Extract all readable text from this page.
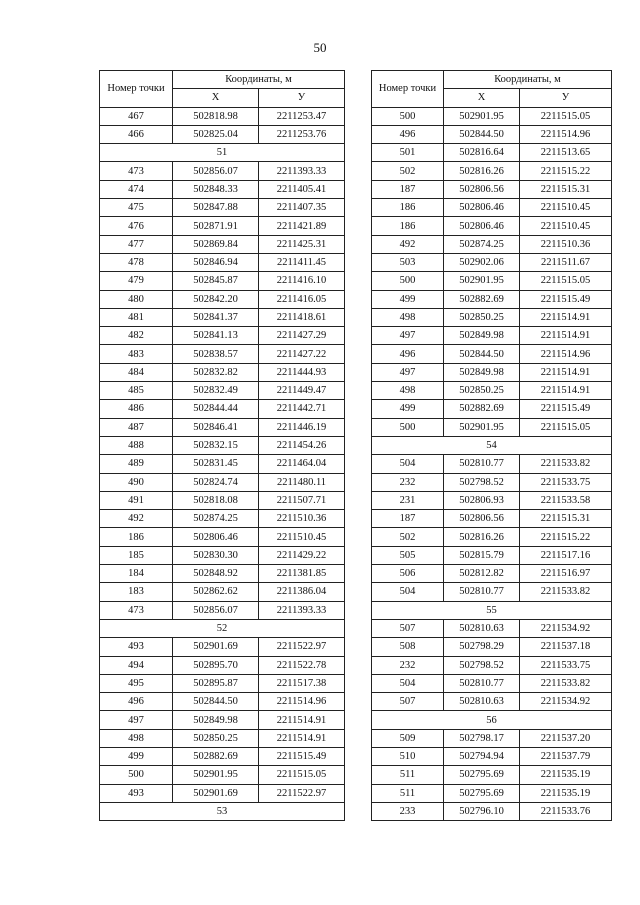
50
Номер точки	Координаты, м	
	X	У
467	502818.98	2211253.47
466	502825.04	2211253.76
51		
473	502856.07	2211393.33
474	502848.33	2211405.41
475	502847.88	2211407.35
476	502871.91	2211421.89
477	502869.84	2211425.31
478	502846.94	2211411.45
479	502845.87	2211416.10
480	502842.20	2211416.05
481	502841.37	2211418.61
482	502841.13	2211427.29
483	502838.57	2211427.22
484	502832.82	2211444.93
485	502832.49	2211449.47
486	502844.44	2211442.71
487	502846.41	2211446.19
488	502832.15	2211454.26
489	502831.45	2211464.04
490	502824.74	2211480.11
491	502818.08	2211507.71
492	502874.25	2211510.36
186	502806.46	2211510.45
185	502830.30	2211429.22
184	502848.92	2211381.85
183	502862.62	2211386.04
473	502856.07	2211393.33
52		
493	502901.69	2211522.97
494	502895.70	2211522.78
495	502895.87	2211517.38
496	502844.50	2211514.96
497	502849.98	2211514.91
498	502850.25	2211514.91
499	502882.69	2211515.49
500	502901.95	2211515.05
493	502901.69	2211522.97
53		
Номер точки	Координаты, м	
	X	У
500	502901.95	2211515.05
496	502844.50	2211514.96
501	502816.64	2211513.65
502	502816.26	2211515.22
187	502806.56	2211515.31
186	502806.46	2211510.45
186	502806.46	2211510.45
492	502874.25	2211510.36
503	502902.06	2211511.67
500	502901.95	2211515.05
499	502882.69	2211515.49
498	502850.25	2211514.91
497	502849.98	2211514.91
496	502844.50	2211514.96
497	502849.98	2211514.91
498	502850.25	2211514.91
499	502882.69	2211515.49
500	502901.95	2211515.05
54		
504	502810.77	2211533.82
232	502798.52	2211533.75
231	502806.93	2211533.58
187	502806.56	2211515.31
502	502816.26	2211515.22
505	502815.79	2211517.16
506	502812.82	2211516.97
504	502810.77	2211533.82
55		
507	502810.63	2211534.92
508	502798.29	2211537.18
232	502798.52	2211533.75
504	502810.77	2211533.82
507	502810.63	2211534.92
56		
509	502798.17	2211537.20
510	502794.94	2211537.79
511	502795.69	2211535.19
511	502795.69	2211535.19
233	502796.10	2211533.76
